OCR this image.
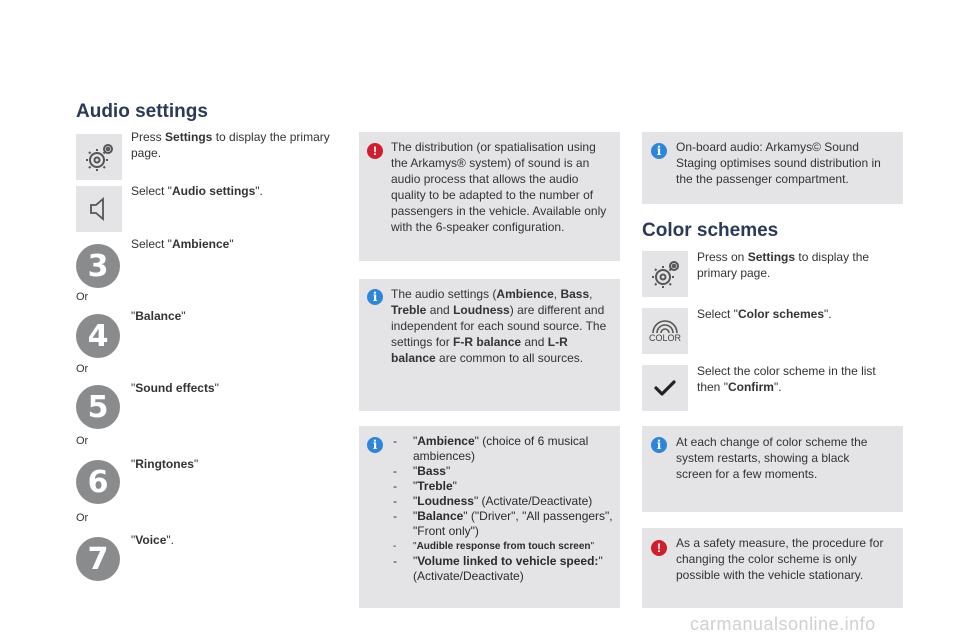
Audio settings
Press Settings to display the primary page.
Select "Audio settings".
3
Select "Ambience"
Or
4
"Balance"
Or
5
"Sound effects"
Or
6
"Ringtones"
Or
7
"Voice".
!	The distribution (or spatialisation using the Arkamys® system) of sound is an audio process that allows the audio quality to be adapted to the number of passengers in the vehicle. Available only with the 6-speaker configuration.
i	The audio settings (Ambience, Bass, Treble and Loudness) are different and independent for each sound source. The settings for F-R balance and L-R balance are common to all sources.
i
-	"Ambience" (choice of 6 musical ambiences)
- "Bass"
- "Treble"
- "Loudness" (Activate/Deactivate)
- "Balance" ("Driver", "All passengers", "Front only")
- "Audible response from touch screen"
- "Volume linked to vehicle speed:" (Activate/Deactivate)
i	On-board audio: Arkamys© Sound Staging optimises sound distribution in the the passenger compartment.
Color schemes
Press on Settings to display the primary page.
COLOR
Select "Color schemes".
Select the color scheme in the list then "Confirm".
i	At each change of color scheme the system restarts, showing a black screen for a few moments.
!	As a safety measure, the procedure for changing the color scheme is only possible with the vehicle stationary.
carmanualsonline.info
